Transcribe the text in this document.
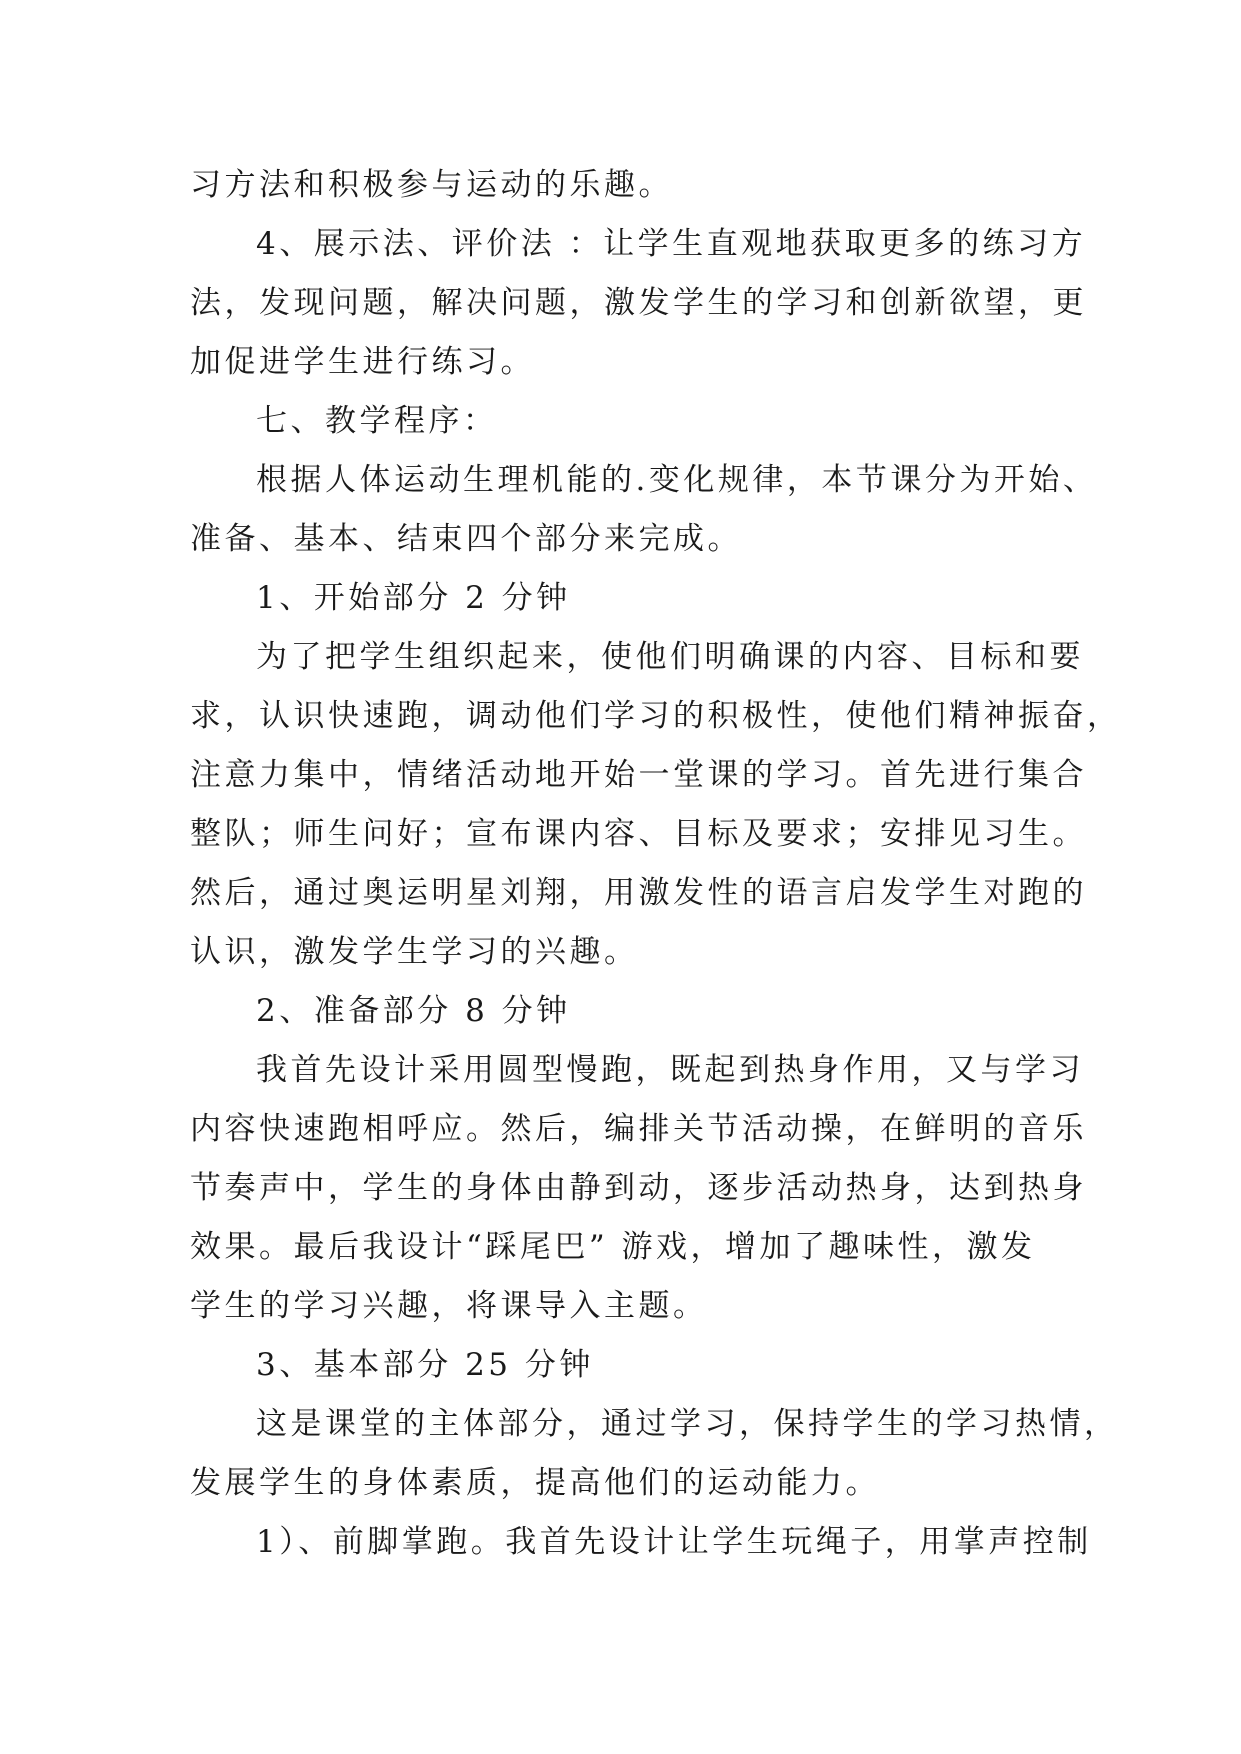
习方法和积极参与运动的乐趣。
4、展示法、评价法 ：让学生直观地获取更多的练习方
法，发现问题，解决问题，激发学生的学习和创新欲望，更
加促进学生进行练习。
七、教学程序：
根据人体运动生理机能的.变化规律，本节课分为开始、
准备、基本、结束四个部分来完成。
1、开始部分 2 分钟
为了把学生组织起来，使他们明确课的内容、目标和要
求，认识快速跑，调动他们学习的积极性，使他们精神振奋，
注意力集中，情绪活动地开始一堂课的学习。首先进行集合
整队；师生问好；宣布课内容、目标及要求；安排见习生。
然后，通过奥运明星刘翔，用激发性的语言启发学生对跑的
认识，激发学生学习的兴趣。
2、准备部分 8 分钟
我首先设计采用圆型慢跑，既起到热身作用，又与学习
内容快速跑相呼应。然后，编排关节活动操，在鲜明的音乐
节奏声中，学生的身体由静到动，逐步活动热身，达到热身
效果。最后我设计“踩尾巴” 游戏，增加了趣味性，激发
学生的学习兴趣，将课导入主题。
3、基本部分 25 分钟
这是课堂的主体部分，通过学习，保持学生的学习热情，
发展学生的身体素质，提高他们的运动能力。
1）、前脚掌跑。我首先设计让学生玩绳子，用掌声控制
